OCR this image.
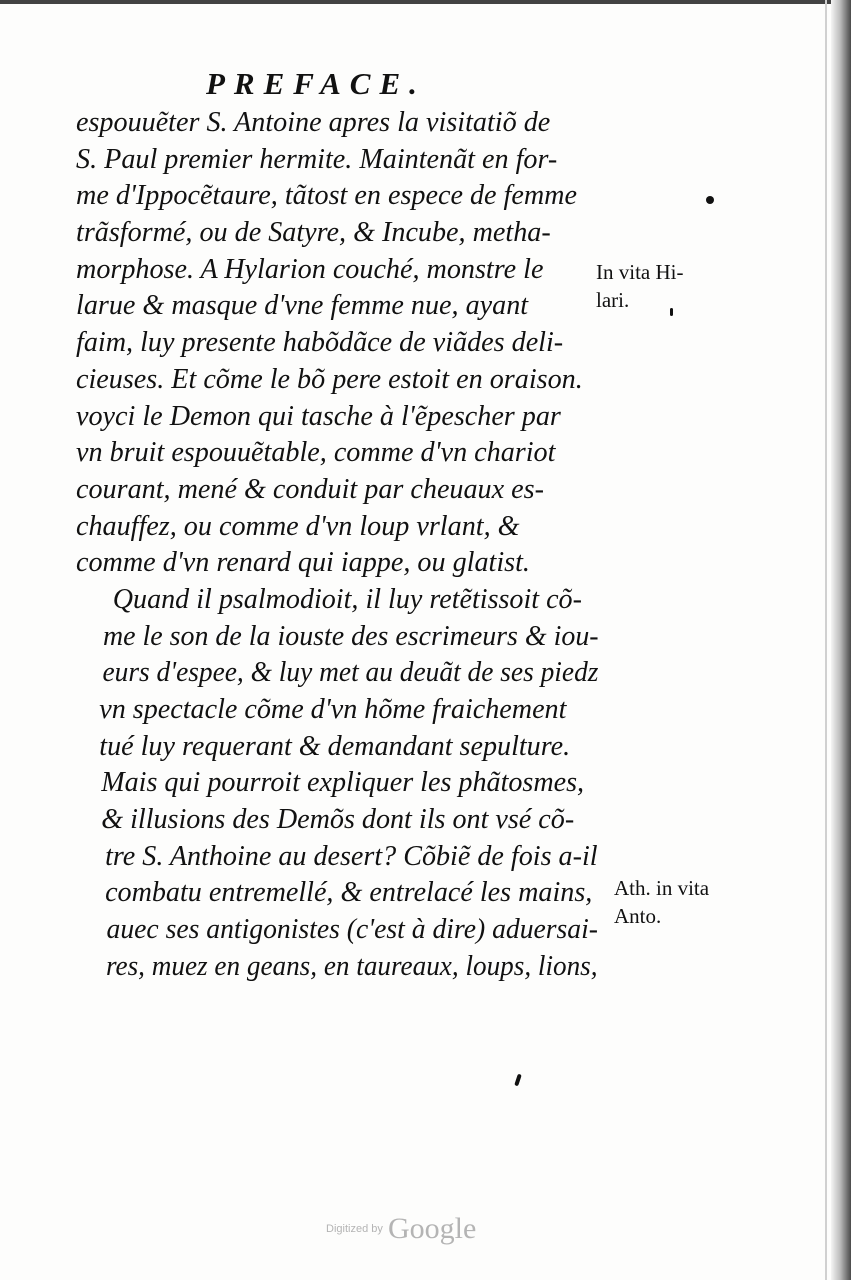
PREFACE.
espouuẽter S. Antoine apres la visitatiõ de
S. Paul premier hermite. Maintenãt en for-
me d'Ippocẽtaure, tãtost en espece de femme
trãsformé, ou de Satyre, & Incube, metha-
morphose. A Hylarion couché, monstre le
larue & masque d'vne femme nue, ayant
faim, luy presente habõdãce de viãdes deli-
cieuses. Et cõme le bõ pere estoit en oraison.
voyci le Demon qui tasche à l'ẽpescher par
vn bruit espouuẽtable, comme d'vn chariot
courant, mené & conduit par cheuaux es-
chauffez, ou comme d'vn loup vrlant, &
comme d'vn renard qui iappe, ou glatist.
Quand il psalmodioit, il luy retẽtissoit cõ-
me le son de la iouste des escrimeurs & iou-
eurs d'espee, & luy met au deuãt de ses piedz
vn spectacle cõme d'vn hõme fraichement
tué luy requerant & demandant sepulture.
Mais qui pourroit expliquer les phãtosmes,
& illusions des Demõs dont ils ont vsé cõ-
tre S. Anthoine au desert? Cõbiẽ de fois a-il
combatu entremellé, & entrelacé les mains,
auec ses antigonistes (c'est à dire) aduersai-
res, muez en geans, en taureaux, loups, lions,
In vita Hi-
lari.
Ath. in vita
Anto.
Digitized by Google
